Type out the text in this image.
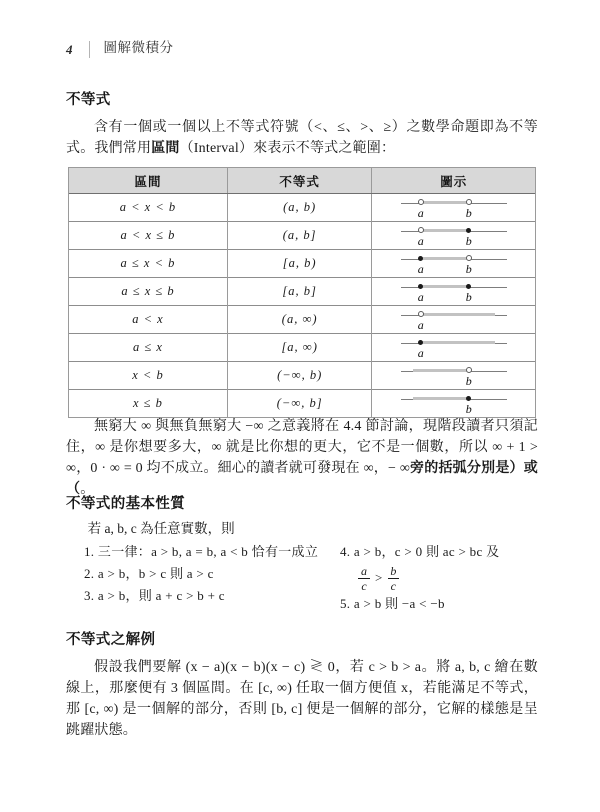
4 圖解微積分
不等式

含有一個或一個以上不等式符號（<、≤、>、≥）之數學命題即為不等式。我們常用區間（Interval）來表示不等式之範圍：

區間	不等式	圖示
a < x < b	(a, b)	a b

a < x ≤ b	(a, b]	a b

a ≤ x < b	[a, b)	a b

a ≤ x ≤ b	[a, b]	a b

a < x	(a, ∞)	a

a ≤ x	[a, ∞)	a

x < b	(−∞, b)	b

x ≤ b	(−∞, b]	b

無窮大 ∞ 與無負無窮大 −∞ 之意義將在 4.4 節討論，現階段讀者只須記住，∞ 是你想要多大，∞ 就是比你想的更大，它不是一個數，所以 ∞ + 1 > ∞，0 · ∞ = 0 均不成立。細心的讀者就可發現在 ∞，− ∞旁的括弧分別是）或（。

不等式的基本性質

若 a, b, c 為任意實數，則

1. 三一律：a > b, a = b, a < b 恰有一成立
2. a > b，b > c 則 a > c
3. a > b，則 a + c > b + c
4. a > b，c > 0 則 ac > bc 及
$\frac{a}{c} > \frac{b}{c}$
5. a > b 則 −a < −b
不等式之解例

假設我們要解 (x − a)(x − b)(x − c) ≷ 0，若 c > b > a。將 a, b, c 繪在數線上，那麼便有 3 個區間。在 [c, ∞) 任取一個方便值 x，若能滿足不等式，那 [c, ∞) 是一個解的部分，否則 [b, c] 便是一個解的部分，它解的樣態是呈跳躍狀態。
